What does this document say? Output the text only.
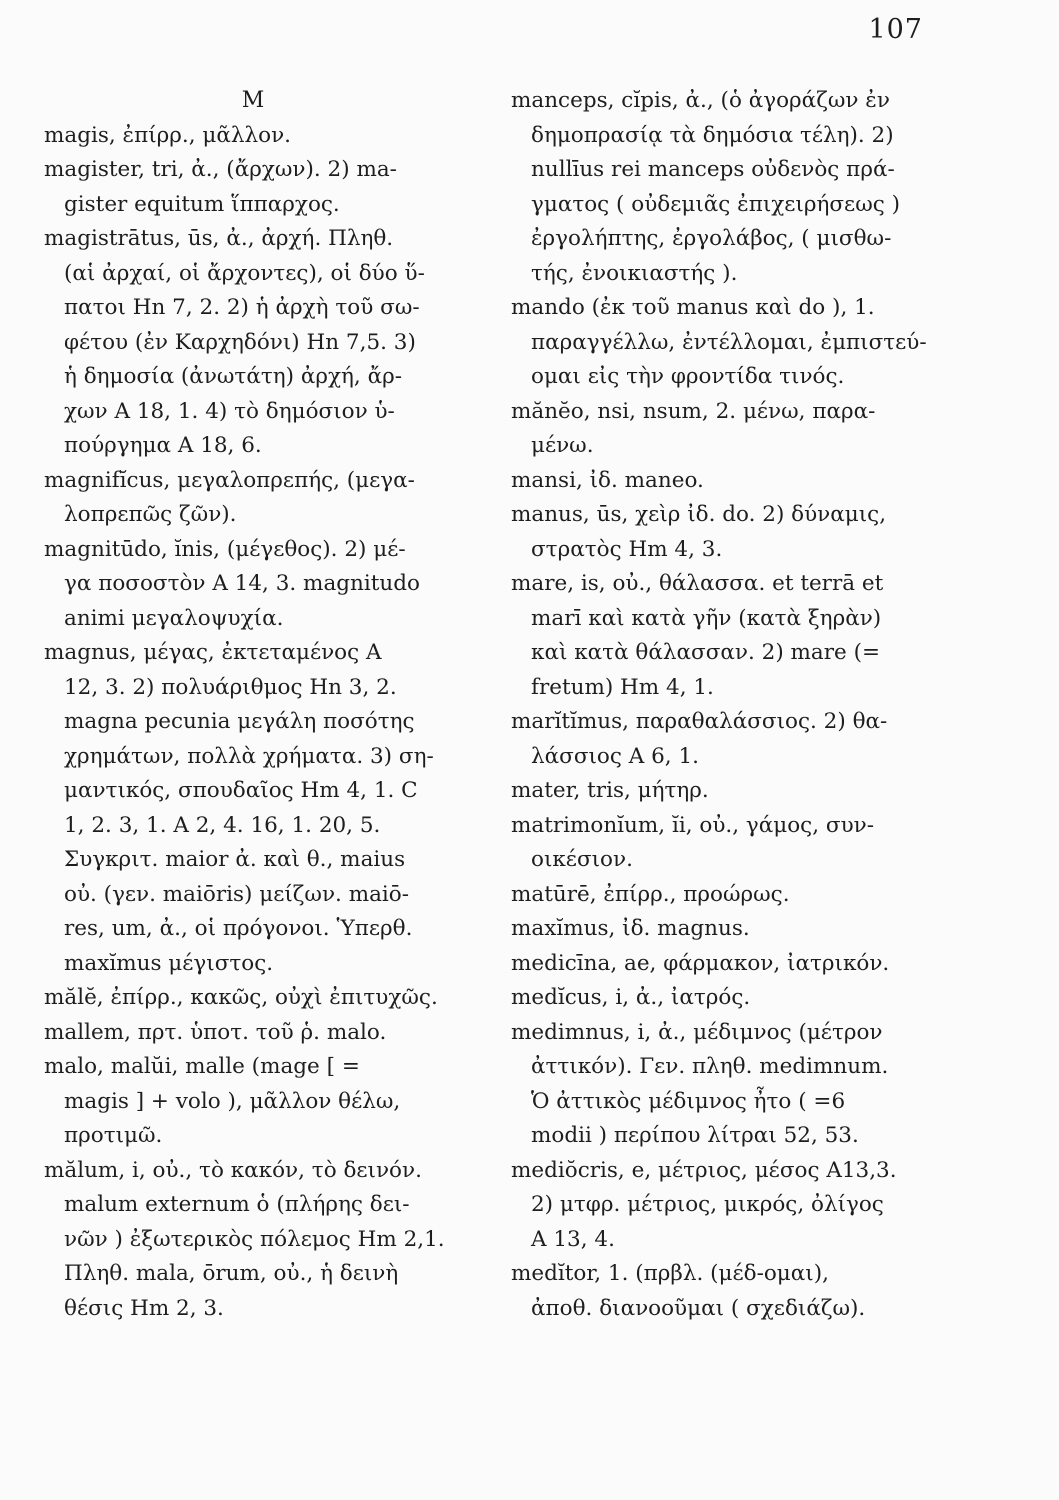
107
M
magis, ἐπίρρ., μᾶλλον.
magister, tri, ἀ., (ἄρχων). 2) ma-
gister equitum ἵππαρχος.
magistrātus, ūs, ἀ., ἀρχή. Πληθ.
(αἱ ἀρχαί, οἱ ἄρχοντες), οἱ δύο ὕ-
πατοι Hn 7, 2. 2) ἡ ἀρχὴ τοῦ σω-
φέτου (ἐν Καρχηδόνι) Hn 7,5. 3)
ἡ δημοσία (ἀνωτάτη) ἀρχή, ἄρ-
χων A 18, 1. 4) τὸ δημόσιον ὑ-
πούργημα A 18, 6.
magnifĭcus, μεγαλοπρεπής, (μεγα-
λοπρεπῶς ζῶν).
magnitūdo, ĭnis, (μέγεθος). 2) μέ-
γα ποσοστὸν A 14, 3. magnitudo
animi μεγαλοψυχία.
magnus, μέγας, ἐκτεταμένος A
12, 3. 2) πολυάριθμος Hn 3, 2.
magna pecunia μεγάλη ποσότης
χρημάτων, πολλὰ χρήματα. 3) ση-
μαντικός, σπουδαῖος Hm 4, 1. C
1, 2. 3, 1. A 2, 4. 16, 1. 20, 5.
Συγκριτ. maior ἀ. καὶ θ., maius
οὐ. (γεν. maiōris) μείζων. maiō-
res, um, ἀ., οἱ πρόγονοι. Ὑπερθ.
maxĭmus μέγιστος.
mălĕ, ἐπίρρ., κακῶς, οὐχὶ ἐπιτυχῶς.
mallem, πρτ. ὑποτ. τοῦ ῥ. malo.
malo, malŭi, malle (mage [ =
magis ] + volo ), μᾶλλον θέλω,
προτιμῶ.
mălum, i, οὐ., τὸ κακόν, τὸ δεινόν.
malum externum ὁ (πλήρης δει-
νῶν ) ἐξωτερικὸς πόλεμος Hm 2,1.
Πληθ. mala, ōrum, οὐ., ἡ δεινὴ
θέσις Hm 2, 3.
manceps, cĭpis, ἀ., (ὁ ἀγοράζων ἐν
δημοπρασίᾳ τὰ δημόσια τέλη). 2)
nullīus rei manceps οὐδενὸς πρά-
γματος ( οὐδεμιᾶς ἐπιχειρήσεως )
ἐργολήπτης, ἐργολάβος, ( μισθω-
τής, ἐνοικιαστής ).
mando (ἐκ τοῦ manus καὶ do ), 1.
παραγγέλλω, ἐντέλλομαι, ἐμπιστεύ-
ομαι εἰς τὴν φροντίδα τινός.
mănĕo, nsi, nsum, 2. μένω, παρα-
μένω.
mansi, ἰδ. maneo.
manus, ūs, χεὶρ ἰδ. do. 2) δύναμις,
στρατὸς Hm 4, 3.
mare, is, οὐ., θάλασσα. et terrā et
marī καὶ κατὰ γῆν (κατὰ ξηρὰν)
καὶ κατὰ θάλασσαν. 2) mare (=
fretum) Hm 4, 1.
marĭtĭmus, παραθαλάσσιος. 2) θα-
λάσσιος A 6, 1.
mater, tris, μήτηρ.
matrimonĭum, ĭi, οὐ., γάμος, συν-
οικέσιον.
matūrē, ἐπίρρ., προώρως.
maxĭmus, ἰδ. magnus.
medicīna, ae, φάρμακον, ἰατρικόν.
medĭcus, i, ἀ., ἰατρός.
medimnus, i, ἀ., μέδιμνος (μέτρον
ἀττικόν). Γεν. πληθ. medimnum.
Ὁ ἀττικὸς μέδιμνος ἦτο ( =6
modii ) περίπου λίτραι 52, 53.
mediŏcris, e, μέτριος, μέσος A13,3.
2) μτφρ. μέτριος, μικρός, ὀλίγος
A 13, 4.
medĭtor, 1. (πρβλ. (μέδ-ομαι),
ἀποθ. διανοοῦμαι ( σχεδιάζω).
